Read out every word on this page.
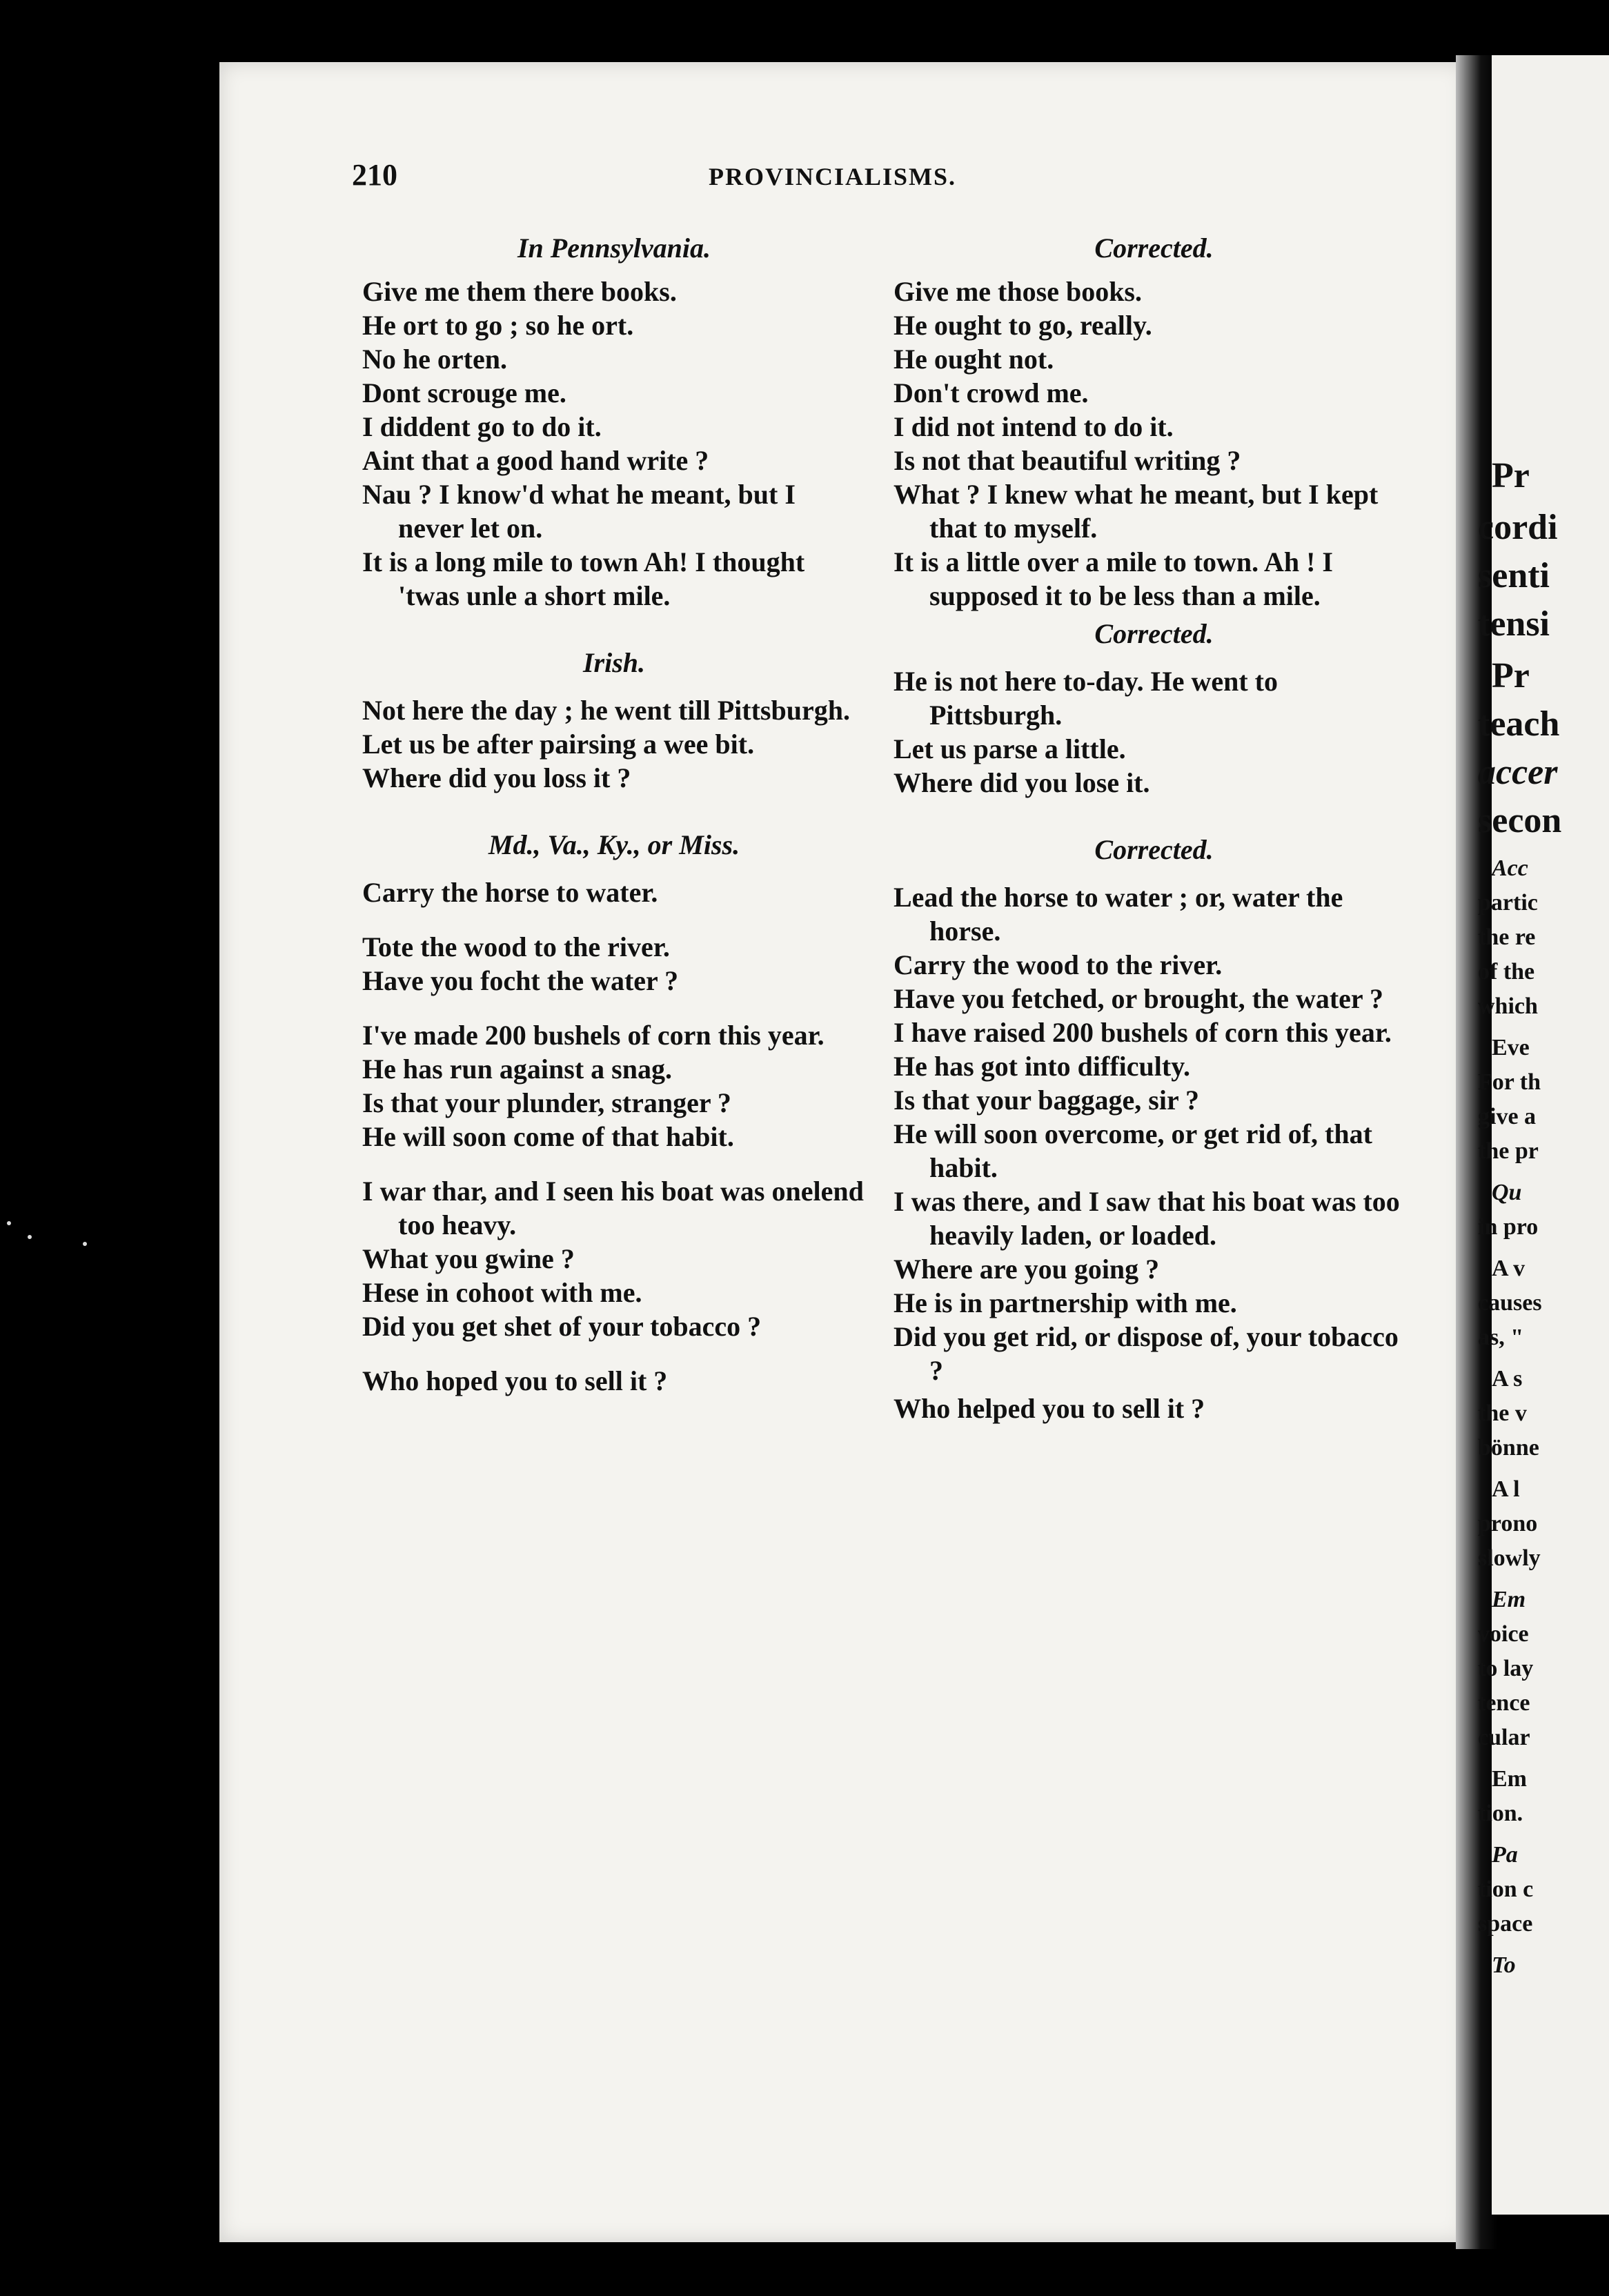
210	PROVINCIALISMS.
In Pennsylvania.

Give me them there books.

He ort to go ; so he ort.

No he orten.

Dont scrouge me.

I diddent go to do it.

Aint that a good hand write ?

Nau ? I know'd what he meant, but I never let on.

It is a long mile to town Ah! I thought 'twas unle a short mile.

Irish.

Not here the day ; he went till Pittsburgh.

Let us be after pairsing a wee bit.

Where did you loss it ?

Md., Va., Ky., or Miss.

Carry the horse to water.

Tote the wood to the river.

Have you focht the water ?

I've made 200 bushels of corn this year.

He has run against a snag.

Is that your plunder, stranger ?

He will soon come of that habit.

I war thar, and I seen his boat was onelend too heavy.

What you gwine ?

Hese in cohoot with me.

Did you get shet of your tobacco ?

Who hoped you to sell it ?

Corrected.

Give me those books.

He ought to go, really.

He ought not.

Don't crowd me.

I did not intend to do it.

Is not that beautiful writing ?

What ? I knew what he meant, but I kept that to myself.

It is a little over a mile to town. Ah ! I supposed it to be less than a mile.

Corrected.

He is not here to-day. He went to Pittsburgh.

Let us parse a little.

Where did you lose it.

Corrected.

Lead the horse to water ; or, water the horse.

Carry the wood to the river.

Have you fetched, or brought, the water ?

I have raised 200 bushels of corn this year.

He has got into difficulty.

Is that your baggage, sir ?

He will soon overcome, or get rid of, that habit.

I was there, and I saw that his boat was too heavily laden, or loaded.

Where are you going ?

He is in partnership with me.

Did you get rid, or dispose of, your tobacco ?

Who helped you to sell it ?

Pr
cordi
senti
tensi
Pr
teach
accer
secon
Acc
partic
the re
of the
which
Eve
For th
give a
the pr
Qu
in pro
A v
causes
as, "
A s
the v
bönne
A l
prono
slowly
Em
voice
to lay
tence
cular
Em
tion.
Pa
tion c
space
To
